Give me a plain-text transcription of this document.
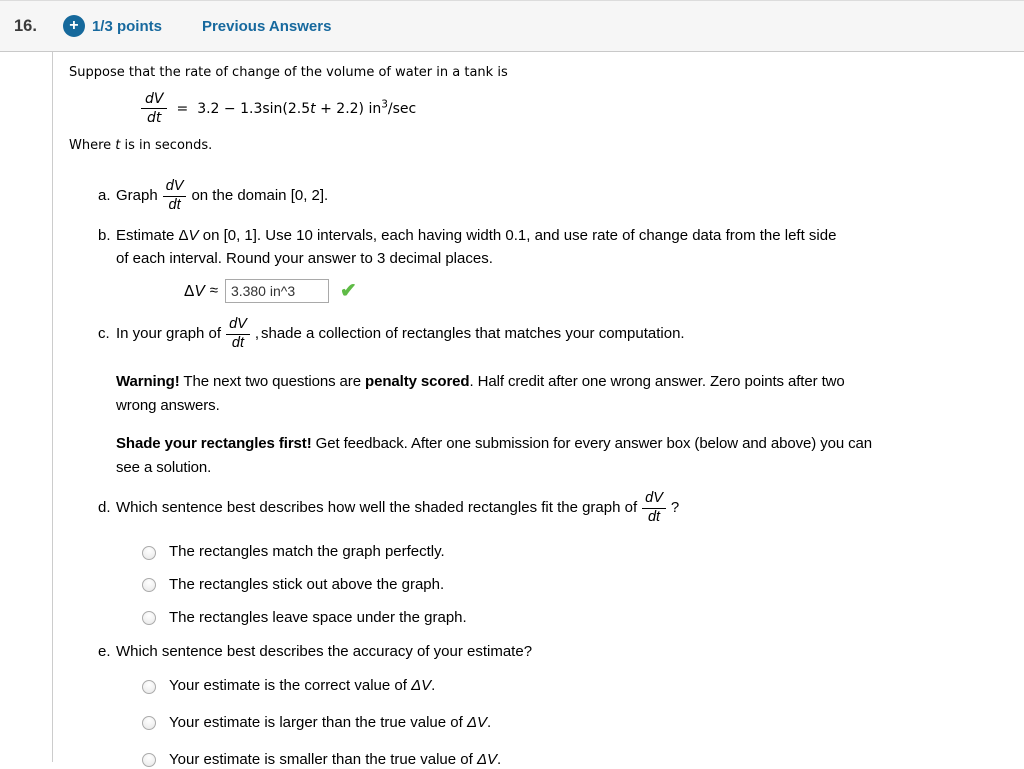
16. + 1/3 points	Previous Answers

Suppose that the rate of change of the volume of water in a tank is

$\frac{dV}{dt} = 3.2 - 1.3\sin(2.5t + 2.2)$ $in^3/\sec$

Where t is in seconds.

a. Graph $\frac{dV}{dt}$ on the domain [0, 2].
b. Estimate ΔV on [0, 1]. Use 10 intervals, each having width 0.1, and use rate of change data from the left side
of each interval. Round your answer to 3 decimal places.
ΔV ≈
3.380 in^3	✔
c. In your graph of $\frac{dV}{dt}$ , shade a collection of rectangles that matches your computation.

Warning! The next two questions are penalty scored. Half credit after one wrong answer. Zero points after two
wrong answers.

Shade your rectangles first! Get feedback. After one submission for every answer box (below and above) you can
see a solution.

d. Which sentence best describes how well the shaded rectangles fit the graph of $\frac{dV}{dt}$ ?
The rectangles match the graph perfectly.
The rectangles stick out above the graph.
The rectangles leave space under the graph.
e. Which sentence best describes the accuracy of your estimate?
Your estimate is the correct value of ΔV.
Your estimate is larger than the true value of ΔV.
Your estimate is smaller than the true value of ΔV.
